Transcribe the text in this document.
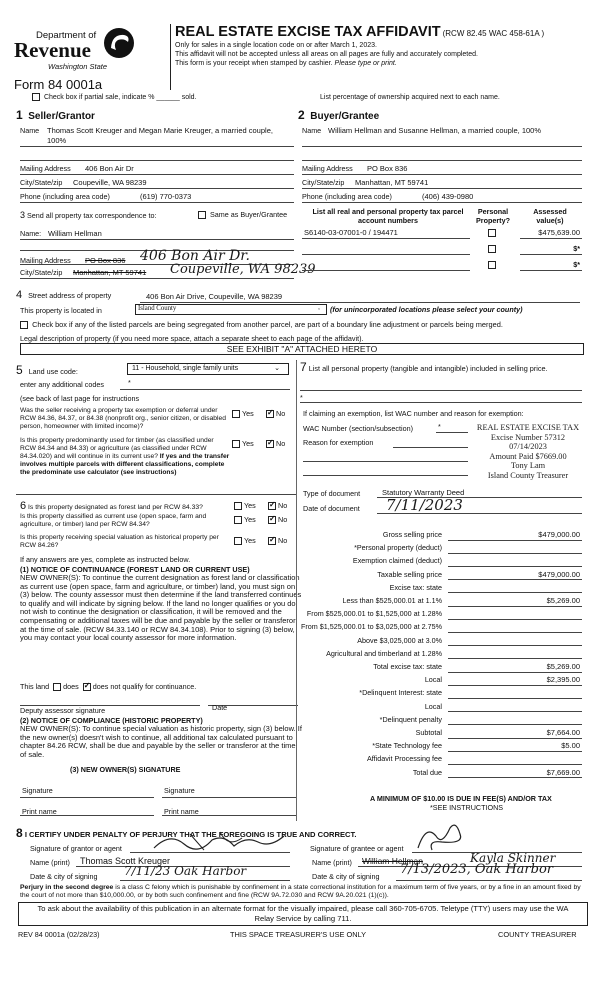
Department of
Revenue
Washington State
Form 84 0001a
REAL ESTATE EXCISE TAX AFFIDAVIT (RCW 82.45 WAC 458-61A )
Only for sales in a single location code on or after March 1, 2023.
This affidavit will not be accepted unless all areas on all pages are fully and accurately completed.
This form is your receipt when stamped by cashier. Please type or print.
Check box if partial sale, indicate % ______ sold.	List percentage of ownership acquired next to each name.
1 Seller/Grantor
Name Thomas Scott Kreuger and Megan Marie Kreuger, a married couple, 100%
Mailing Address 406 Bon Air Dr
City/State/zip Coupeville, WA 98239
Phone (including area code)	(619) 770-0373
2 Buyer/Grantee
Name William Hellman and Susanne Hellman, a married couple, 100%
Mailing Address PO Box 836
City/State/zip Manhattan, MT 59741
Phone (including area code)	(406) 439-0980
3 Send all property tax correspondence to:	Same as Buyer/Grantee
Name: William Hellman
Mailing Address PO Box 836 406 Bon Air Dr.
City/State/zip Manhattan, MT 59741 Coupeville, WA 98239
List all real and personal property tax parcel account numbers
Personal Property?
Assessed value(s)
S6140-03-07001-0 / 194471	$475,639.00
$*
$*
4 Street address of property	406 Bon Air Drive, Coupeville, WA 98239
This property is located in	Island County	, (for unincorporated locations please select your county)
Check box if any of the listed parcels are being segregated from another parcel, are part of a boundary line adjustment or parcels being merged.
Legal description of property (if you need more space, attach a separate sheet to each page of the affidavit).
SEE EXHIBIT "A" ATTACHED HERETO
5 Land use code:	11 - Household, single family units	⌄
enter any additional codes	*
(see back of last page for instructions
Was the seller receiving a property tax exemption or deferral under RCW 84.36, 84.37, or 84.38 (nonprofit org., senior citizen, or disabled person, homeowner with limited income)?
Yes ✓	No
Is this property predominantly used for timber (as classified under RCW 84.34 and 84.33) or agriculture (as classified under RCW 84.34.020) and will continue in its current use? If yes and the transfer involves multiple parcels with different classifications, complete the predominate use calculator (see instructions)
Yes ✓	No
6 Is this property designated as forest land per RCW 84.33?	Yes ✓	No
Is this property classified as current use (open space, farm and agriculture, or timber) land per RCW 84.34?
Yes ✓	No
Is this property receiving special valuation as historical property per RCW 84.26?
Yes ✓	No
If any answers are yes, complete as instructed below.
(1) NOTICE OF CONTINUANCE (FOREST LAND OR CURRENT USE)
NEW OWNER(S): To continue the current designation as forest land or classification as current use (open space, farm and agriculture, or timber) land, you must sign on (3) below. The county assessor must then determine if the land transferred continues to qualify and will indicate by signing below. If the land no longer qualifies or you do not wish to continue the designation or classification, it will be removed and the compensating or additional taxes will be due and payable by the seller or transferor at the time of sale. (RCW 84.33.140 or RCW 84.34.108). Prior to signing (3) below, you may contact your local county assessor for more information.
This land does ✓ does not qualify for continuance.
Deputy assessor signature	Date
(2) NOTICE OF COMPLIANCE (HISTORIC PROPERTY)
NEW OWNER(S): To continue special valuation as historic property, sign (3) below. If the new owner(s) doesn't wish to continue, all additional tax calculated pursuant to chapter 84.26 RCW, shall be due and payable by the seller or transferor at the time of sale.
(3) NEW OWNER(S) SIGNATURE
Signature	Signature
Print name	Print name
7 List all personal property (tangible and intangible) included in selling price.
*
If claiming an exemption, list WAC number and reason for exemption:
WAC Number (section/subsection)	*
Reason for exemption
REAL ESTATE EXCISE TAX
Excise Number 57312
07/14/2023
Amount Paid $7669.00
Tony Lam
Island County Treasurer
Type of document	Statutory Warranty Deed
Date of document 7/11/2023
Gross selling price	$479,000.00
*Personal property (deduct)
Exemption claimed (deduct)
Taxable selling price	$479,000.00
Excise tax: state
Less than $525,000.01 at 1.1%	$5,269.00
From $525,000.01 to $1,525,000 at 1.28%
From $1,525,000.01 to $3,025,000 at 2.75%
Above $3,025,000 at 3.0%
Agricultural and timberland at 1.28%
Total excise tax: state	$5,269.00
Local	$2,395.00
*Delinquent Interest: state
Local
*Delinquent penalty
Subtotal	$7,664.00
*State Technology fee	$5.00
Affidavit Processing fee
Total due	$7,669.00
A MINIMUM OF $10.00 IS DUE IN FEE(S) AND/OR TAX
*SEE INSTRUCTIONS
8 I CERTIFY UNDER PENALTY OF PERJURY THAT THE FOREGOING IS TRUE AND CORRECT.
Signature of grantor or agent	Signature of grantee or agent
Name (print) Thomas Scott Kreuger	Name (print) William Hellman	Kayla Skinner
Date & city of signing 7/11/23 Oak Harbor	Date & city of signing 7/13/2023, Oak Harbor
Perjury in the second degree is a class C felony which is punishable by confinement in a state correctional institution for a maximum term of five years, or by a fine in an amount fixed by the court of not more than $10,000.00, or by both such confinement and fine (RCW 9A.72.030 and RCW 9A.20.021 (1)(c)).
To ask about the availability of this publication in an alternate format for the visually impaired, please call 360-705-6705. Teletype (TTY) users may use the WA Relay Service by calling 711.
REV 84 0001a (02/28/23)	THIS SPACE TREASURER'S USE ONLY	COUNTY TREASURER
